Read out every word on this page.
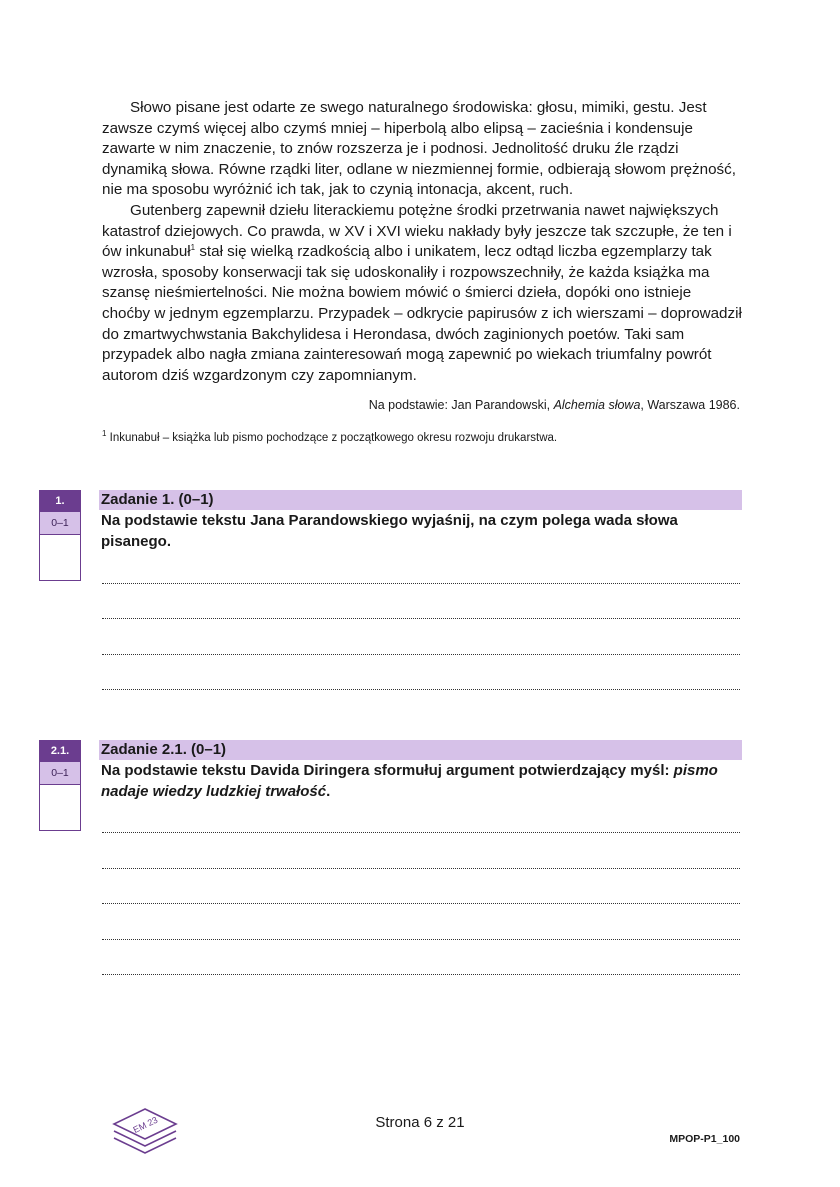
Słowo pisane jest odarte ze swego naturalnego środowiska: głosu, mimiki, gestu. Jest zawsze czymś więcej albo czymś mniej – hiperbolą albo elipsą – zacieśnia i kondensuje zawarte w nim znaczenie, to znów rozszerza je i podnosi. Jednolitość druku źle rządzi dynamiką słowa. Równe rządki liter, odlane w niezmiennej formie, odbierają słowom prężność, nie ma sposobu wyróżnić ich tak, jak to czynią intonacja, akcent, ruch.

Gutenberg zapewnił dziełu literackiemu potężne środki przetrwania nawet największych katastrof dziejowych. Co prawda, w XV i XVI wieku nakłady były jeszcze tak szczupłe, że ten i ów inkunabuł$^1$ stał się wielką rzadkością albo i unikatem, lecz odtąd liczba egzemplarzy tak wzrosła, sposoby konserwacji tak się udoskonaliły i rozpowszechniły, że każda książka ma szansę nieśmiertelności. Nie można bowiem mówić o śmierci dzieła, dopóki ono istnieje choćby w jednym egzemplarzu. Przypadek – odkrycie papirusów z ich wierszami – doprowadził do zmartwychwstania Bakchylidesa i Herondasa, dwóch zaginionych poetów. Taki sam przypadek albo nagła zmiana zainteresowań mogą zapewnić po wiekach triumfalny powrót autorom dziś wzgardzonym czy zapomnianym.

Na podstawie: Jan Parandowski, Alchemia słowa, Warszawa 1986.
$^1$ Inkunabuł – książka lub pismo pochodzące z początkowego okresu rozwoju drukarstwa.
1.
0–1
Zadanie 1. (0–1)
Na podstawie tekstu Jana Parandowskiego wyjaśnij, na czym polega wada słowa pisanego.
2.1.
0–1
Zadanie 2.1. (0–1)
Na podstawie tekstu Davida Diringera sformułuj argument potwierdzający myśl: pismo nadaje wiedzy ludzkiej trwałość.
EM 23	Strona 6 z 21
MPOP-P1_100
